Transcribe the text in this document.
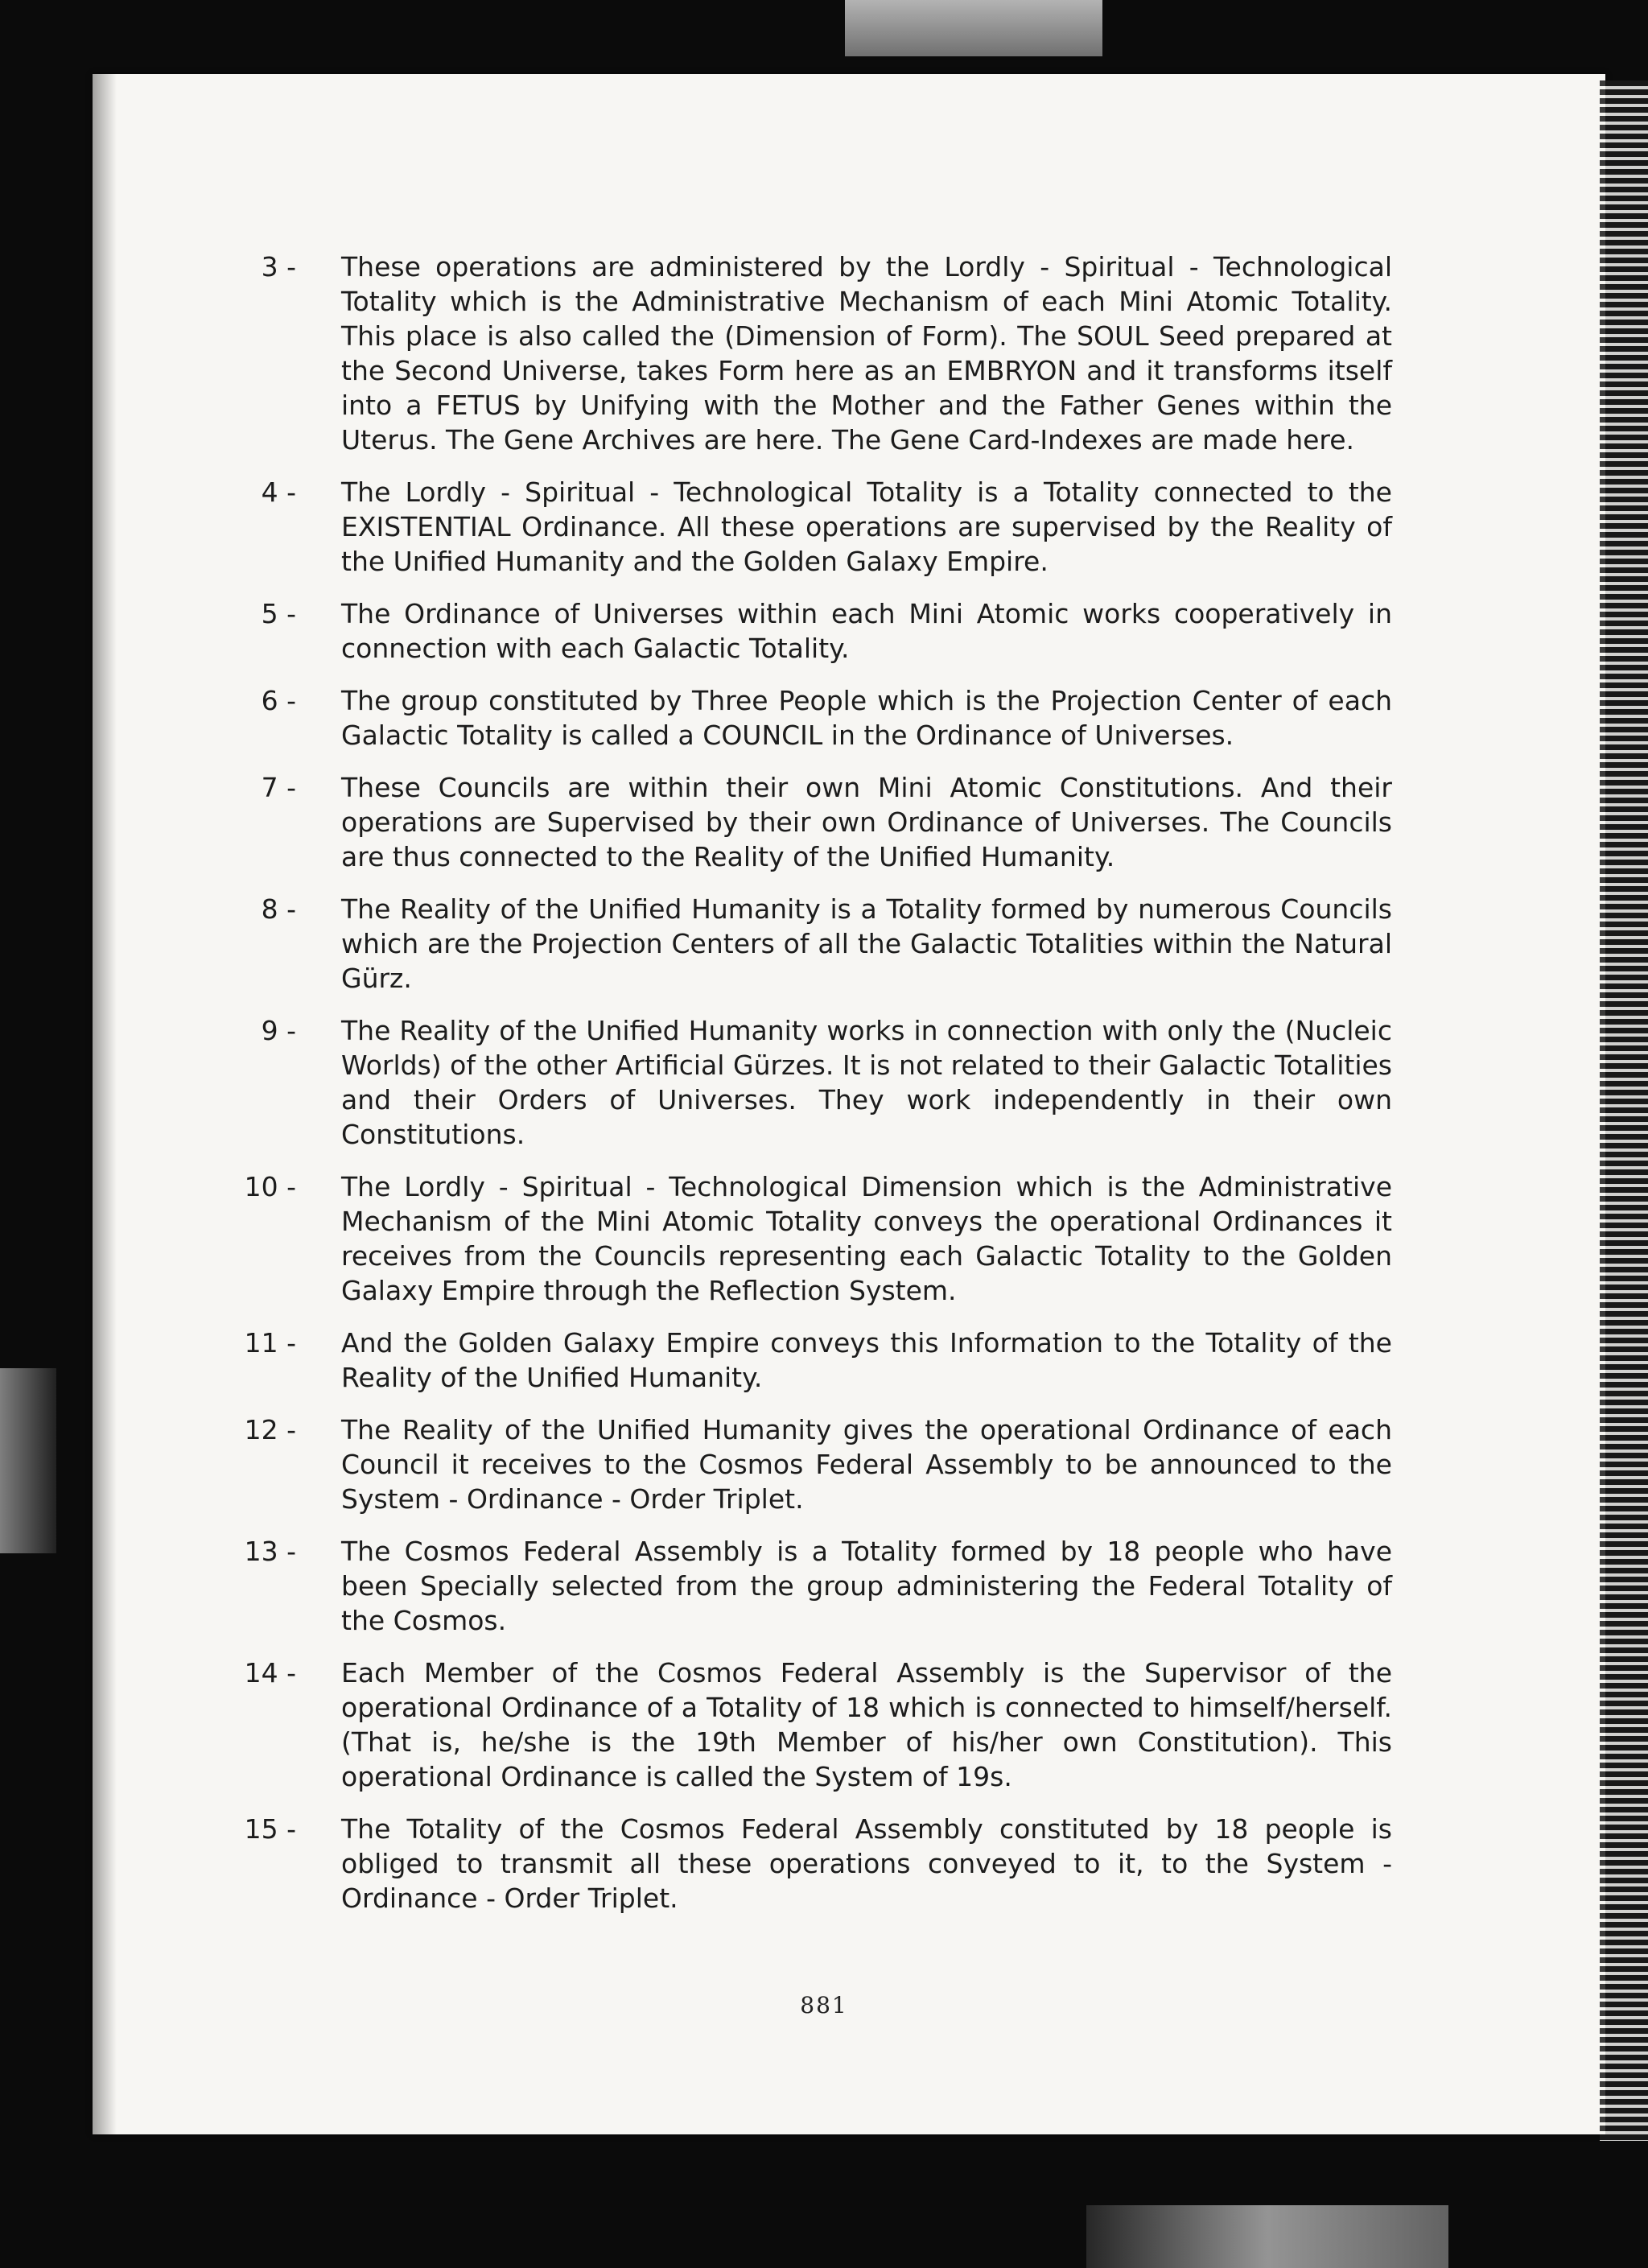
3 -	These operations are administered by the Lordly - Spiritual - Technological Totality which is the Administrative Mechanism of each Mini Atomic Totality. This place is also called the (Dimension of Form). The SOUL Seed prepared at the Second Universe, takes Form here as an EMBRYON and it transforms itself into a FETUS by Unifying with the Mother and the Father Genes within the Uterus. The Gene Archives are here. The Gene Card-Indexes are made here.
4 -	The Lordly - Spiritual - Technological Totality is a Totality connected to the EXISTENTIAL Ordinance. All these operations are supervised by the Reality of the Unified Humanity and the Golden Galaxy Empire.
5 -	The Ordinance of Universes within each Mini Atomic works cooperatively in connection with each Galactic Totality.
6 -	The group constituted by Three People which is the Projection Center of each Galactic Totality is called a COUNCIL in the Ordinance of Universes.
7 -	These Councils are within their own Mini Atomic Constitutions. And their operations are Supervised by their own Ordinance of Universes. The Councils are thus connected to the Reality of the Unified Humanity.
8 -	The Reality of the Unified Humanity is a Totality formed by numerous Councils which are the Projection Centers of all the Galactic Totalities within the Natural Gürz.
9 -	The Reality of the Unified Humanity works in connection with only the (Nucleic Worlds) of the other Artificial Gürzes. It is not related to their Galactic Totalities and their Orders of Universes. They work independently in their own Constitutions.
10 -	The Lordly - Spiritual - Technological Dimension which is the Administrative Mechanism of the Mini Atomic Totality conveys the operational Ordinances it receives from the Councils representing each Galactic Totality to the Golden Galaxy Empire through the Reflection System.
11 -	And the Golden Galaxy Empire conveys this Information to the Totality of the Reality of the Unified Humanity.
12 -	The Reality of the Unified Humanity gives the operational Ordinance of each Council it receives to the Cosmos Federal Assembly to be announced to the System - Ordinance - Order Triplet.
13 -	The Cosmos Federal Assembly is a Totality formed by 18 people who have been Specially selected from the group administering the Federal Totality of the Cosmos.
14 -	Each Member of the Cosmos Federal Assembly is the Supervisor of the operational Ordinance of a Totality of 18 which is connected to himself/herself. (That is, he/she is the 19th Member of his/her own Constitution). This operational Ordinance is called the System of 19s.
15 -	The Totality of the Cosmos Federal Assembly constituted by 18 people is obliged to transmit all these operations conveyed to it, to the System - Ordinance - Order Triplet.
881
